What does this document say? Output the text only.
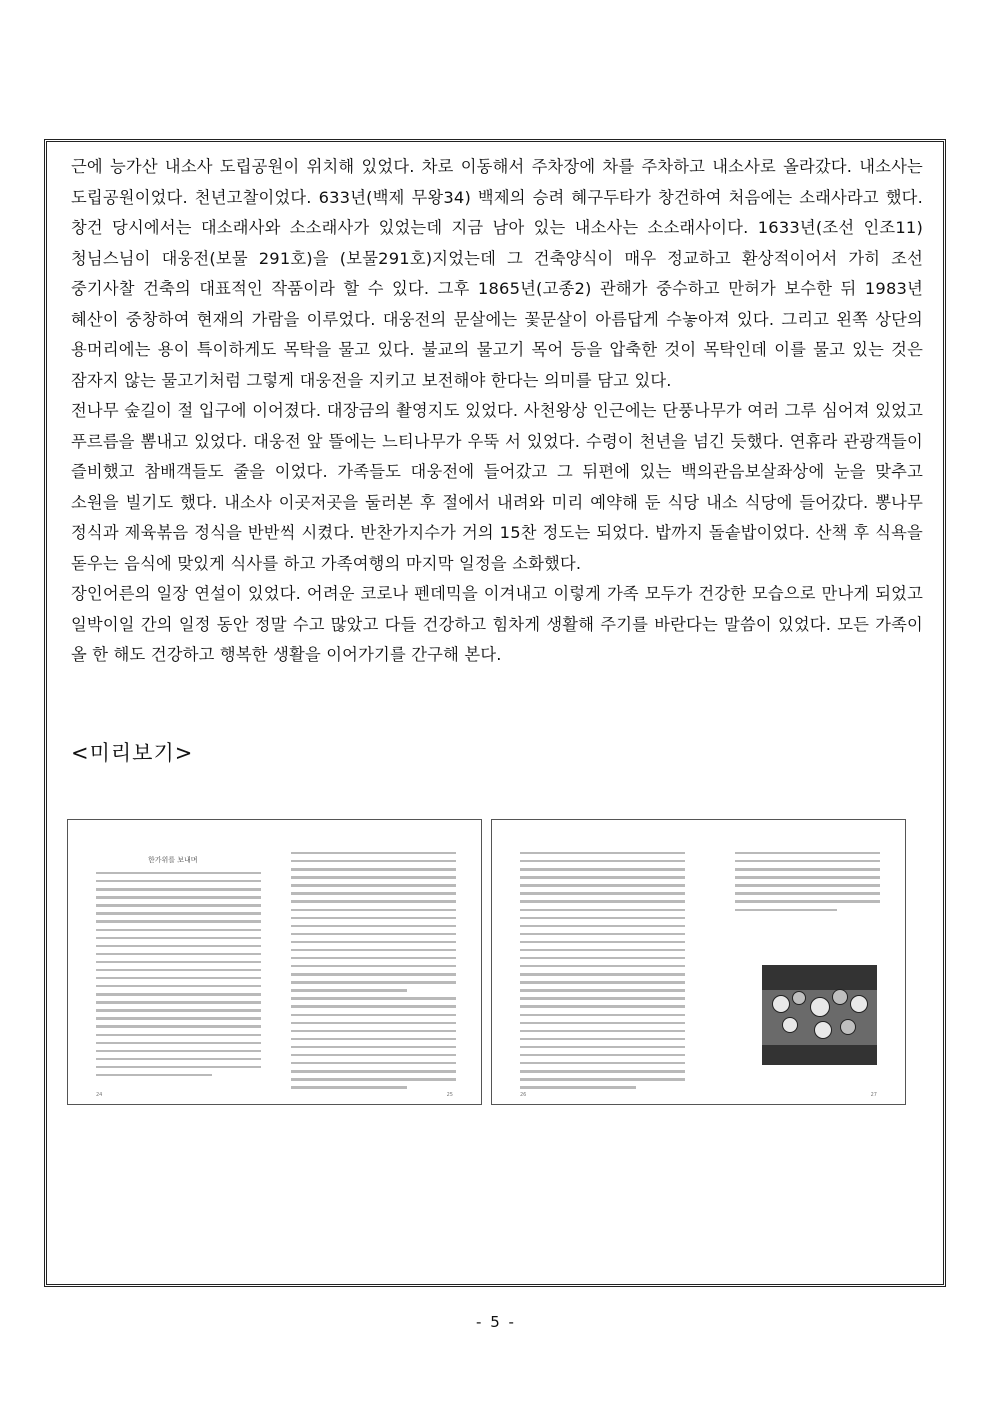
근에 능가산 내소사 도립공원이 위치해 있었다. 차로 이동해서 주차장에 차를 주차하고 내소사로 올라갔다. 내소사는 도립공원이었다. 천년고찰이었다. 633년(백제 무왕34) 백제의 승려 혜구두타가 창건하여 처음에는 소래사라고 했다. 창건 당시에서는 대소래사와 소소래사가 있었는데 지금 남아 있는 내소사는 소소래사이다. 1633년(조선 인조11) 청님스님이 대웅전(보물 291호)을 (보물291호)지었는데 그 건축양식이 매우 정교하고 환상적이어서 가히 조선 중기사찰 건축의 대표적인 작품이라 할 수 있다. 그후 1865년(고종2) 관해가 중수하고 만허가 보수한 뒤 1983년 혜산이 중창하여 현재의 가람을 이루었다. 대웅전의 문살에는 꽃문살이 아름답게 수놓아져 있다. 그리고 왼쪽 상단의 용머리에는 용이 특이하게도 목탁을 물고 있다. 불교의 물고기 목어 등을 압축한 것이 목탁인데 이를 물고 있는 것은 잠자지 않는 물고기처럼 그렇게 대웅전을 지키고 보전해야 한다는 의미를 담고 있다.

전나무 숲길이 절 입구에 이어졌다. 대장금의 촬영지도 있었다. 사천왕상 인근에는 단풍나무가 여러 그루 심어져 있었고 푸르름을 뽐내고 있었다. 대웅전 앞 뜰에는 느티나무가 우뚝 서 있었다. 수령이 천년을 넘긴 듯했다. 연휴라 관광객들이 즐비했고 참배객들도 줄을 이었다. 가족들도 대웅전에 들어갔고 그 뒤편에 있는 백의관음보살좌상에 눈을 맞추고 소원을 빌기도 했다. 내소사 이곳저곳을 둘러본 후 절에서 내려와 미리 예약해 둔 식당 내소 식당에 들어갔다. 뽕나무 정식과 제육볶음 정식을 반반씩 시켰다. 반찬가지수가 거의 15찬 정도는 되었다. 밥까지 돌솥밥이었다. 산책 후 식욕을 돋우는 음식에 맞있게 식사를 하고 가족여행의 마지막 일정을 소화했다.

장인어른의 일장 연설이 있었다. 어려운 코로나 펜데믹을 이겨내고 이렇게 가족 모두가 건강한 모습으로 만나게 되었고 일박이일 간의 일정 동안 정말 수고 많았고 다들 건강하고 힘차게 생활해 주기를 바란다는 말씀이 있었다. 모든 가족이 올 한 해도 건강하고 행복한 생활을 이어가기를 간구해 본다.

<미리보기>
한가위를 보내며
24	25	26	27

- 5 -
